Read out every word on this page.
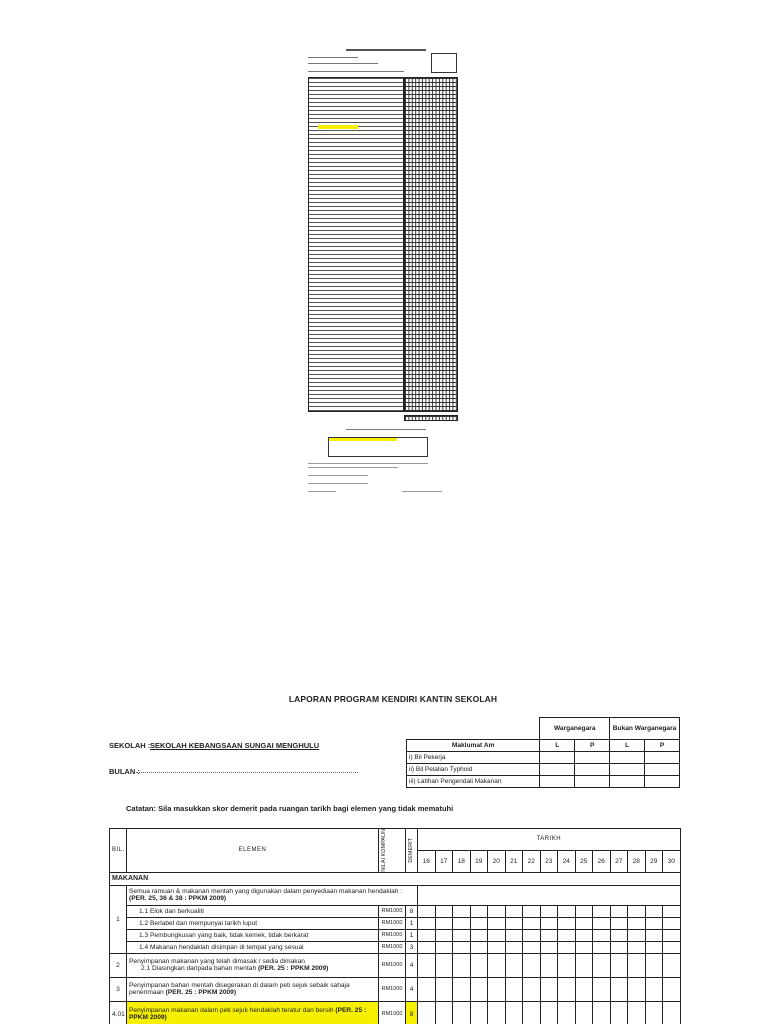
LAPORAN PROGRAM KENDIRI KANTIN SEKOLAH
SEKOLAH : SEKOLAH KEBANGSAAN SUNGAI MENGHULU
BULAN :
	Warganegara		Bukan Warganegara	
Maklumat Am	L	P	L	P
i) Bil Pekerja				
ii) Bil Pelalian Typhoid				
iii) Latihan Pengendali Makanan				
Catatan: Sila masukkan skor demerit pada ruangan tarikh bagi elemen yang tidak mematuhi
BIL.	ELEMEN	NILAI KOMPAUN	DEMERIT	TARIKH														
				16	17	18	19	20	21	22	23	24	25	26	27	28	29	30
MAKANAN																		
1	Semua ramuan & makanan mentah yang digunakan dalam penyediaan makanan hendaklah : (PER. 25, 36 & 38 : PPKM 2009)																	
	1.1 Elok dan berkualiti	RM1000	8															
	1.2 Berlabel dan mempunyai tarikh luput	RM1000	1															
	1.3 Pembungkusan yang baik, tidak kemek, tidak berkarat	RM1000	1															
	1.4 Makanan hendaklah disimpan di tempat yang sesuai	RM1000	3															
2	Penyimpanan makanan yang telah dimasak / sedia dimakan
2.1 Diasingkan daripada bahan mentah (PER. 25 : PPKM 2009)	RM1000	4															
3	Penyimpanan bahan mentah disegerakan di dalam peti sejuk sebaik sahaja penerimaan (PER. 25 : PPKM 2009)	RM1000	4															
4.01	Penyimpanan makanan dalam peti sejuk hendaklah teratur dan bersih (PER. 25 : PPKM 2009)	RM1000	8															
